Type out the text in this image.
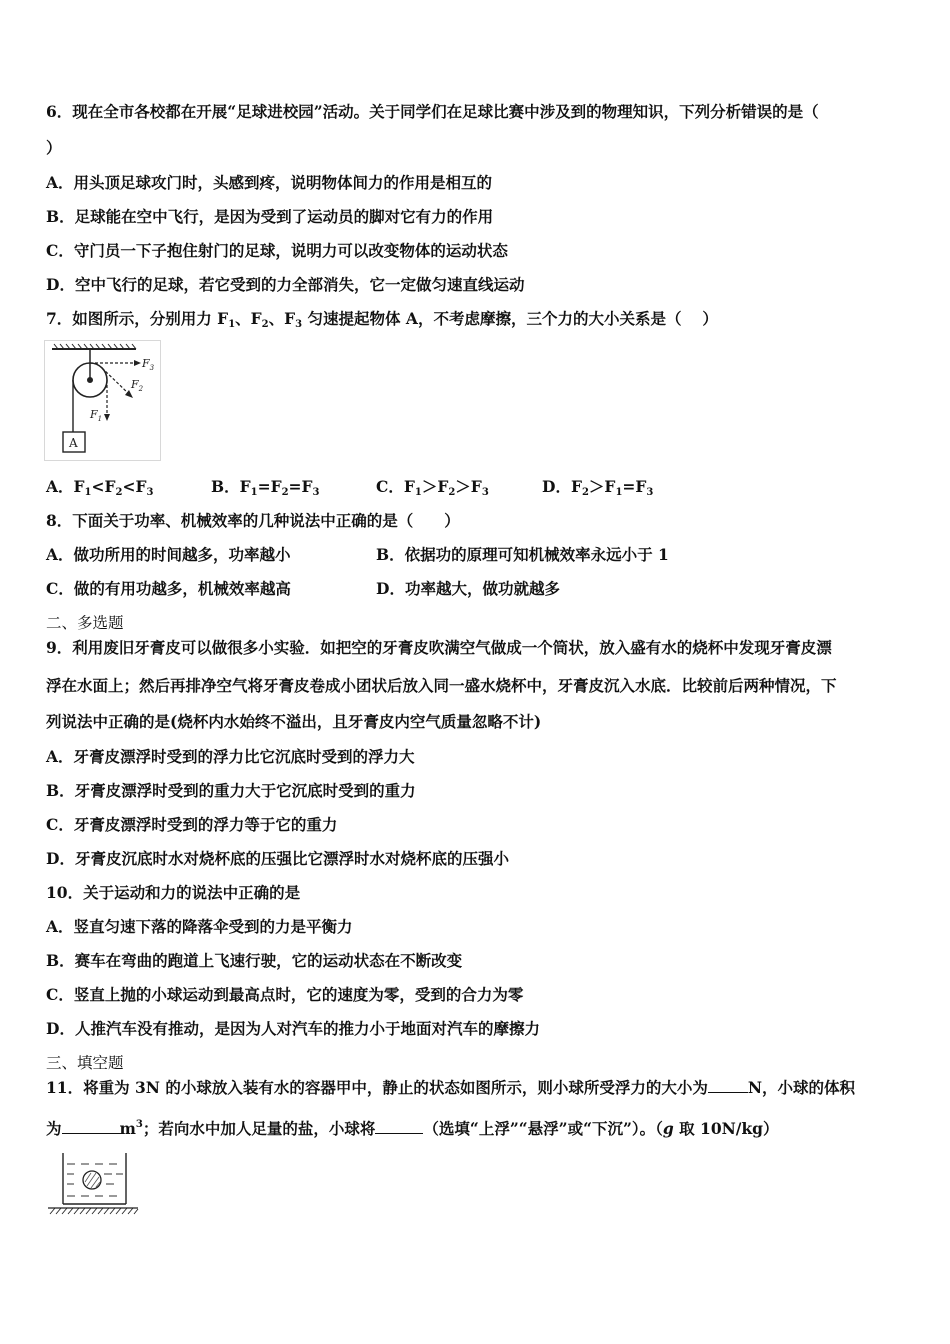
6．现在全市各校都在开展“足球进校园”活动。关于同学们在足球比赛中涉及到的物理知识，下列分析错误的是（
）
A．用头顶足球攻门时，头感到疼，说明物体间力的作用是相互的
B．足球能在空中飞行，是因为受到了运动员的脚对它有力的作用
C．守门员一下子抱住射门的足球，说明力可以改变物体的运动状态
D．空中飞行的足球，若它受到的力全部消失，它一定做匀速直线运动
7．如图所示，分别用力 $F_1$、$F_2$、$F_3$ 匀速提起物体 A，不考虑摩擦，三个力的大小关系是（　 ）
$F_3$
$F_2$
$F_1$
A
A．$F_1<F_2<F_3$	B．$F_1=F_2=F_3$	C．$F_1>F_2>F_3$	D．$F_2>F_1=F_3$
8．下面关于功率、机械效率的几种说法中正确的是（　　）
A．做功所用的时间越多，功率越小	B．依据功的原理可知机械效率永远小于 1
C．做的有用功越多，机械效率越高	D．功率越大，做功就越多
二、多选题
9．利用废旧牙膏皮可以做很多小实验．如把空的牙膏皮吹满空气做成一个筒状，放入盛有水的烧杯中发现牙膏皮漂
浮在水面上；然后再排净空气将牙膏皮卷成小团状后放入同一盛水烧杯中，牙膏皮沉入水底．比较前后两种情况，下
列说法中正确的是(烧杯内水始终不溢出，且牙膏皮内空气质量忽略不计)
A．牙膏皮漂浮时受到的浮力比它沉底时受到的浮力大
B．牙膏皮漂浮时受到的重力大于它沉底时受到的重力
C．牙膏皮漂浮时受到的浮力等于它的重力
D．牙膏皮沉底时水对烧杯底的压强比它漂浮时水对烧杯底的压强小
10．关于运动和力的说法中正确的是
A．竖直匀速下落的降落伞受到的力是平衡力
B．赛车在弯曲的跑道上飞速行驶，它的运动状态在不断改变
C．竖直上抛的小球运动到最高点时，它的速度为零，受到的合力为零
D．人推汽车没有推动，是因为人对汽车的推力小于地面对汽车的摩擦力
三、填空题
11．将重为 3N 的小球放入装有水的容器甲中，静止的状态如图所示，则小球所受浮力的大小为	N，小球的体积
为	$m^3$；若向水中加人足量的盐，小球将	（选填“上浮”“悬浮”或“下沉”）。（g 取 10N/kg）
